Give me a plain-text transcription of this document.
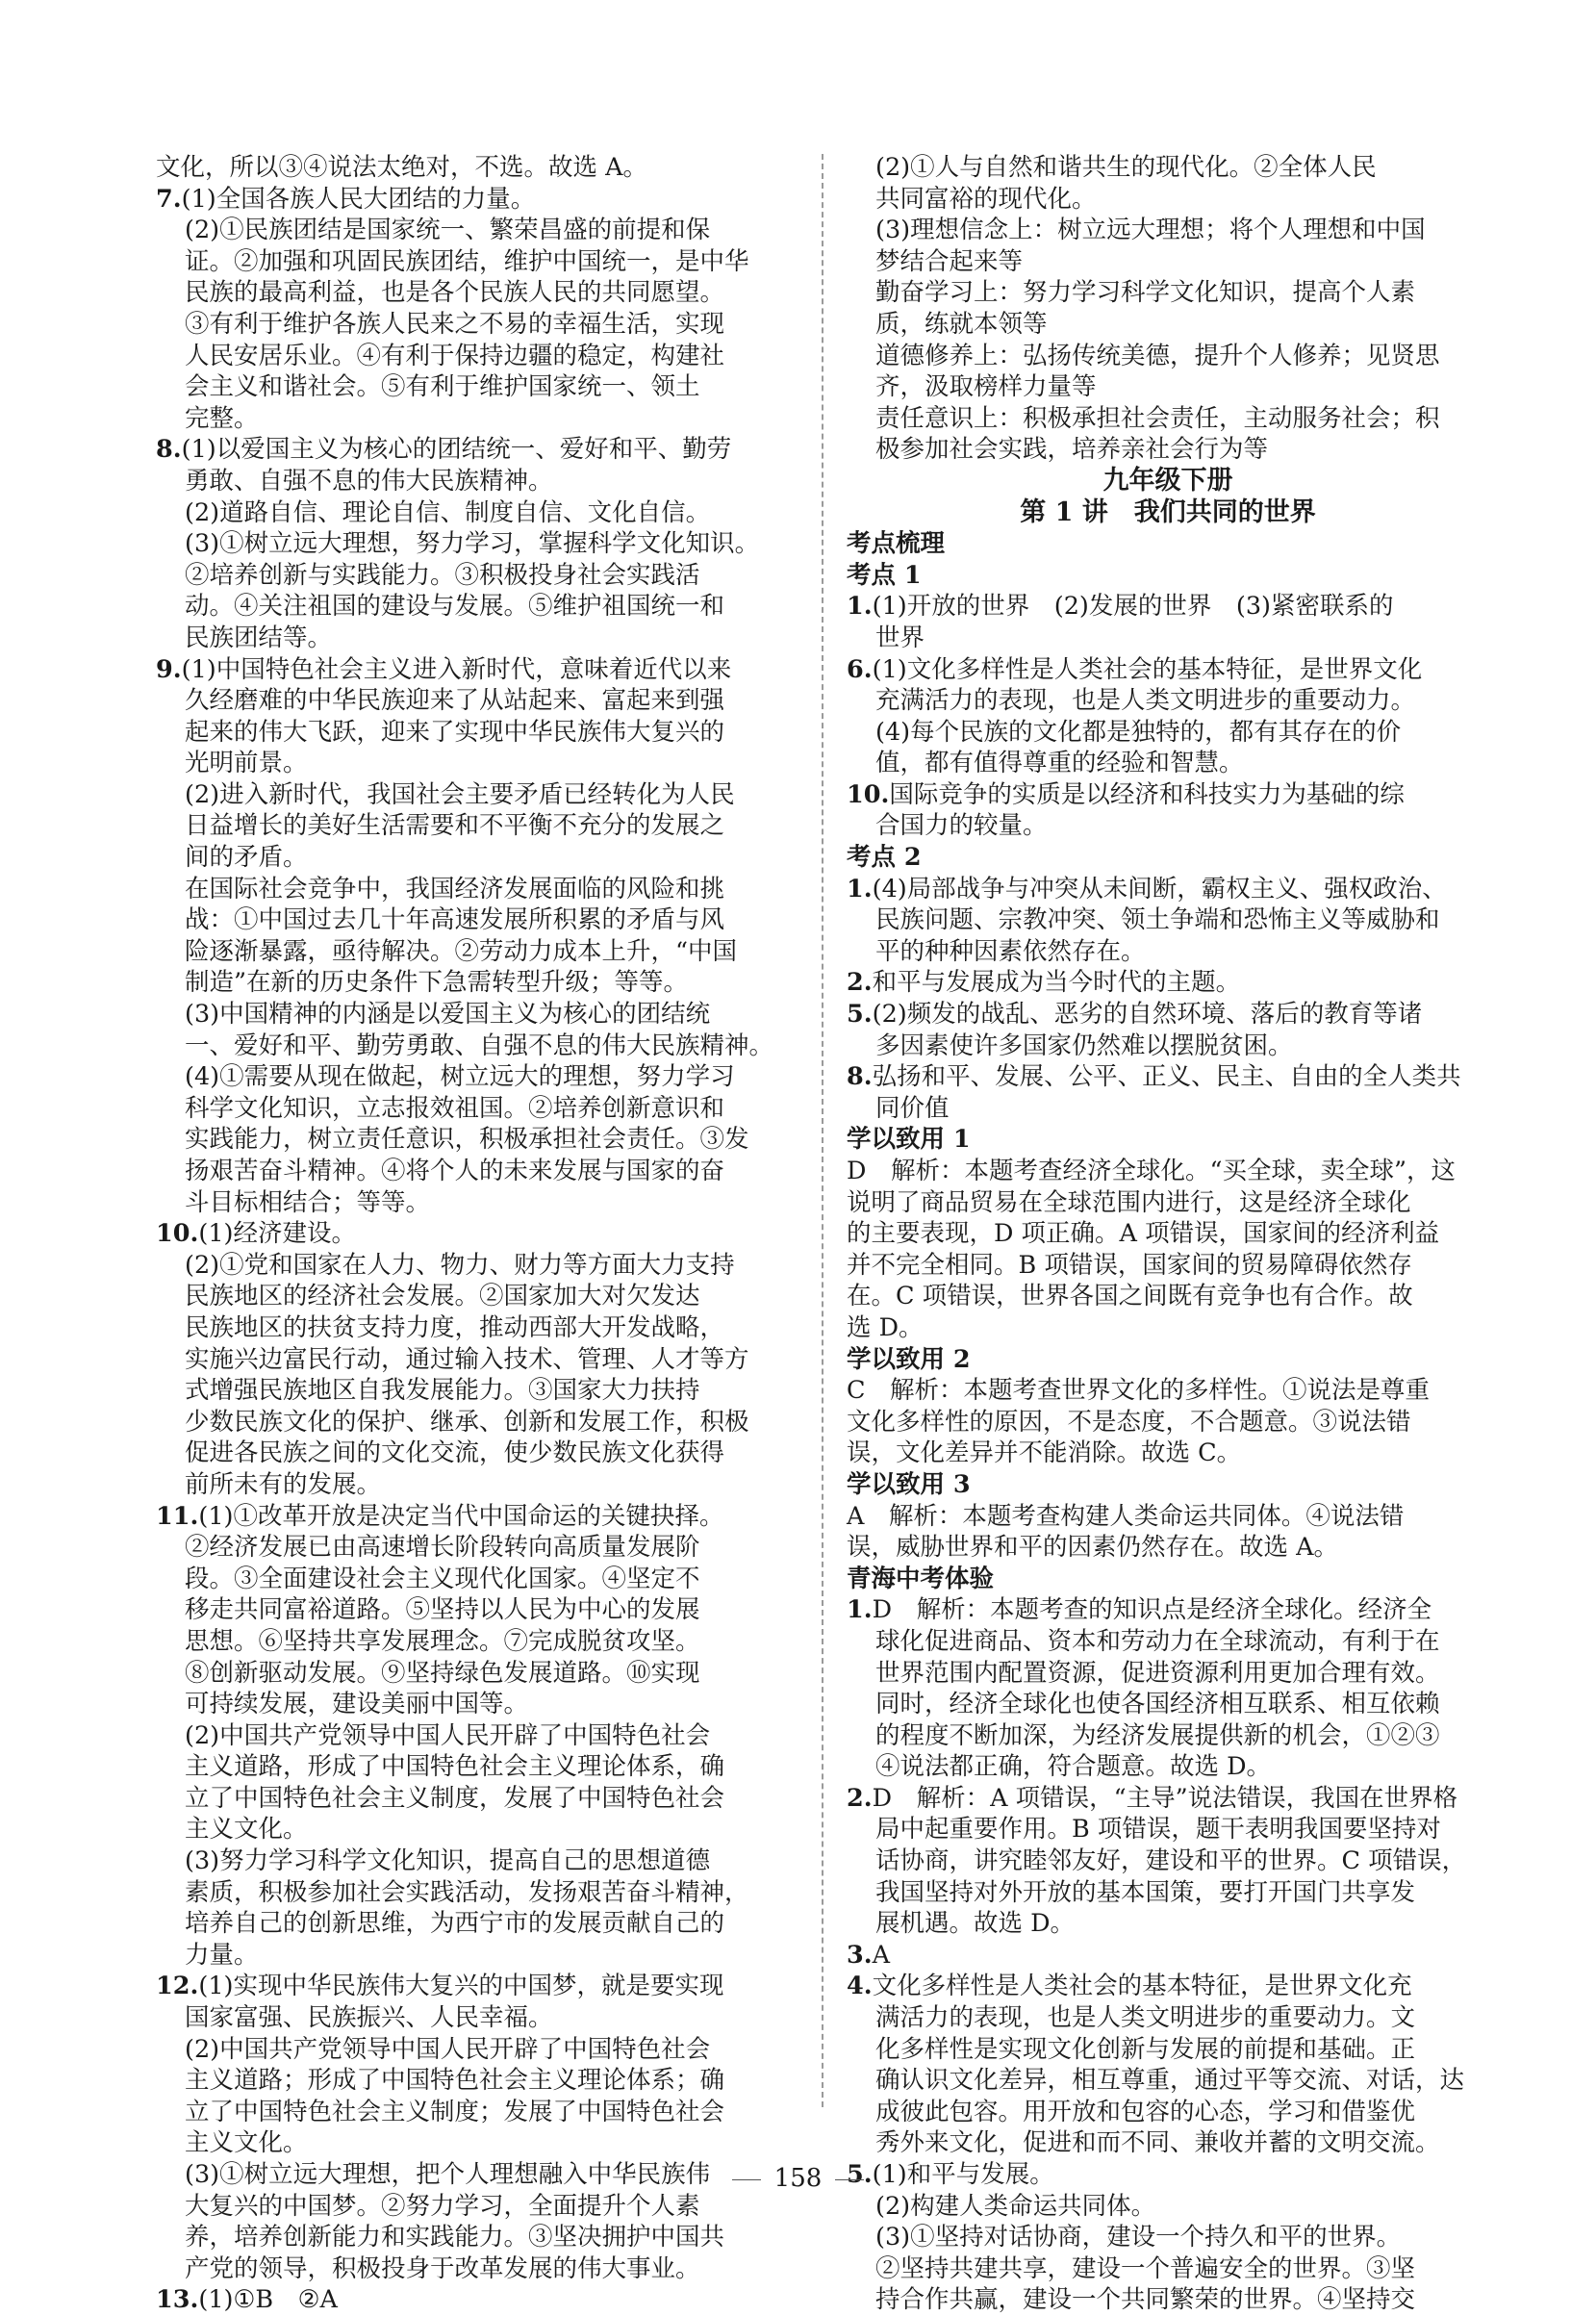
文化，所以③④说法太绝对，不选。故选 A。
7.(1)全国各族人民大团结的力量。
(2)①民族团结是国家统一、繁荣昌盛的前提和保
证。②加强和巩固民族团结，维护中国统一，是中华
民族的最高利益，也是各个民族人民的共同愿望。
③有利于维护各族人民来之不易的幸福生活，实现
人民安居乐业。④有利于保持边疆的稳定，构建社
会主义和谐社会。⑤有利于维护国家统一、领土
完整。
8.(1)以爱国主义为核心的团结统一、爱好和平、勤劳
勇敢、自强不息的伟大民族精神。
(2)道路自信、理论自信、制度自信、文化自信。
(3)①树立远大理想，努力学习，掌握科学文化知识。
②培养创新与实践能力。③积极投身社会实践活
动。④关注祖国的建设与发展。⑤维护祖国统一和
民族团结等。
9.(1)中国特色社会主义进入新时代，意味着近代以来
久经磨难的中华民族迎来了从站起来、富起来到强
起来的伟大飞跃，迎来了实现中华民族伟大复兴的
光明前景。
(2)进入新时代，我国社会主要矛盾已经转化为人民
日益增长的美好生活需要和不平衡不充分的发展之
间的矛盾。
在国际社会竞争中，我国经济发展面临的风险和挑
战：①中国过去几十年高速发展所积累的矛盾与风
险逐渐暴露，亟待解决。②劳动力成本上升，“中国
制造”在新的历史条件下急需转型升级；等等。
(3)中国精神的内涵是以爱国主义为核心的团结统
一、爱好和平、勤劳勇敢、自强不息的伟大民族精神。
(4)①需要从现在做起，树立远大的理想，努力学习
科学文化知识，立志报效祖国。②培养创新意识和
实践能力，树立责任意识，积极承担社会责任。③发
扬艰苦奋斗精神。④将个人的未来发展与国家的奋
斗目标相结合；等等。
10.(1)经济建设。
(2)①党和国家在人力、物力、财力等方面大力支持
民族地区的经济社会发展。②国家加大对欠发达
民族地区的扶贫支持力度，推动西部大开发战略，
实施兴边富民行动，通过输入技术、管理、人才等方
式增强民族地区自我发展能力。③国家大力扶持
少数民族文化的保护、继承、创新和发展工作，积极
促进各民族之间的文化交流，使少数民族文化获得
前所未有的发展。
11.(1)①改革开放是决定当代中国命运的关键抉择。
②经济发展已由高速增长阶段转向高质量发展阶
段。③全面建设社会主义现代化国家。④坚定不
移走共同富裕道路。⑤坚持以人民为中心的发展
思想。⑥坚持共享发展理念。⑦完成脱贫攻坚。
⑧创新驱动发展。⑨坚持绿色发展道路。⑩实现
可持续发展，建设美丽中国等。
(2)中国共产党领导中国人民开辟了中国特色社会
主义道路，形成了中国特色社会主义理论体系，确
立了中国特色社会主义制度，发展了中国特色社会
主义文化。
(3)努力学习科学文化知识，提高自己的思想道德
素质，积极参加社会实践活动，发扬艰苦奋斗精神，
培养自己的创新思维，为西宁市的发展贡献自己的
力量。
12.(1)实现中华民族伟大复兴的中国梦，就是要实现
国家富强、民族振兴、人民幸福。
(2)中国共产党领导中国人民开辟了中国特色社会
主义道路；形成了中国特色社会主义理论体系；确
立了中国特色社会主义制度；发展了中国特色社会
主义文化。
(3)①树立远大理想，把个人理想融入中华民族伟
大复兴的中国梦。②努力学习，全面提升个人素
养，培养创新能力和实践能力。③坚决拥护中国共
产党的领导，积极投身于改革发展的伟大事业。
13.(1)①B　②A
(2)①人与自然和谐共生的现代化。②全体人民
共同富裕的现代化。
(3)理想信念上：树立远大理想；将个人理想和中国
梦结合起来等
勤奋学习上：努力学习科学文化知识，提高个人素
质，练就本领等
道德修养上：弘扬传统美德，提升个人修养；见贤思
齐，汲取榜样力量等
责任意识上：积极承担社会责任，主动服务社会；积
极参加社会实践，培养亲社会行为等
九年级下册
第 1 讲　我们共同的世界
考点梳理
考点 1
1.(1)开放的世界　(2)发展的世界　(3)紧密联系的
世界
6.(1)文化多样性是人类社会的基本特征，是世界文化
充满活力的表现，也是人类文明进步的重要动力。
(4)每个民族的文化都是独特的，都有其存在的价
值，都有值得尊重的经验和智慧。
10.国际竞争的实质是以经济和科技实力为基础的综
合国力的较量。
考点 2
1.(4)局部战争与冲突从未间断，霸权主义、强权政治、
民族问题、宗教冲突、领土争端和恐怖主义等威胁和
平的种种因素依然存在。
2.和平与发展成为当今时代的主题。
5.(2)频发的战乱、恶劣的自然环境、落后的教育等诸
多因素使许多国家仍然难以摆脱贫困。
8.弘扬和平、发展、公平、正义、民主、自由的全人类共
同价值
学以致用 1
D　解析：本题考查经济全球化。“买全球，卖全球”，这
说明了商品贸易在全球范围内进行，这是经济全球化
的主要表现，D 项正确。A 项错误，国家间的经济利益
并不完全相同。B 项错误，国家间的贸易障碍依然存
在。C 项错误，世界各国之间既有竞争也有合作。故
选 D。
学以致用 2
C　解析：本题考查世界文化的多样性。①说法是尊重
文化多样性的原因，不是态度，不合题意。③说法错
误，文化差异并不能消除。故选 C。
学以致用 3
A　解析：本题考查构建人类命运共同体。④说法错
误，威胁世界和平的因素仍然存在。故选 A。
青海中考体验
1.D　解析：本题考查的知识点是经济全球化。经济全
球化促进商品、资本和劳动力在全球流动，有利于在
世界范围内配置资源，促进资源利用更加合理有效。
同时，经济全球化也使各国经济相互联系、相互依赖
的程度不断加深，为经济发展提供新的机会，①②③
④说法都正确，符合题意。故选 D。
2.D　解析：A 项错误，“主导”说法错误，我国在世界格
局中起重要作用。B 项错误，题干表明我国要坚持对
话协商，讲究睦邻友好，建设和平的世界。C 项错误，
我国坚持对外开放的基本国策，要打开国门共享发
展机遇。故选 D。
3.A
4.文化多样性是人类社会的基本特征，是世界文化充
满活力的表现，也是人类文明进步的重要动力。文
化多样性是实现文化创新与发展的前提和基础。正
确认识文化差异，相互尊重，通过平等交流、对话，达
成彼此包容。用开放和包容的心态，学习和借鉴优
秀外来文化，促进和而不同、兼收并蓄的文明交流。
5.(1)和平与发展。
(2)构建人类命运共同体。
(3)①坚持对话协商，建设一个持久和平的世界。
②坚持共建共享，建设一个普遍安全的世界。③坚
持合作共赢，建设一个共同繁荣的世界。④坚持交
158
